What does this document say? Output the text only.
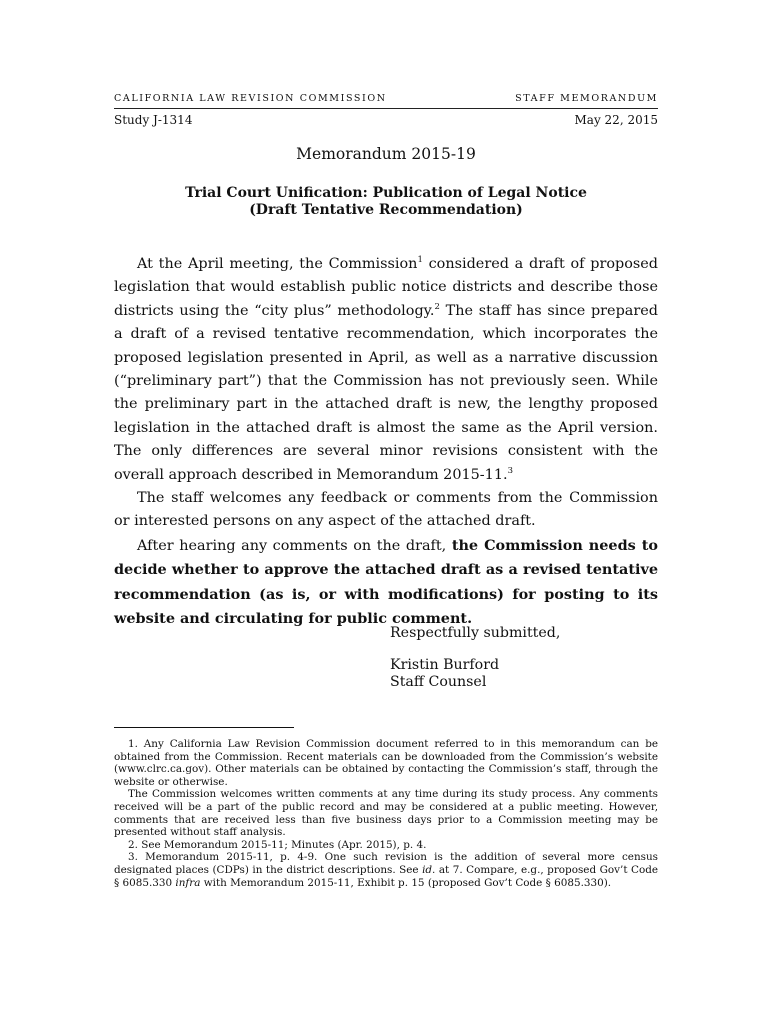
CALIFORNIA LAW REVISION COMMISSION	STAFF MEMORANDUM
Study J-1314	May 22, 2015
Memorandum 2015-19
Trial Court Unification: Publication of Legal Notice
(Draft Tentative Recommendation)

At the April meeting, the Commission$^1$ considered a draft of proposed legislation that would establish public notice districts and describe those districts using the “city plus” methodology.$^2$ The staff has since prepared a draft of a revised tentative recommendation, which incorporates the proposed legislation presented in April, as well as a narrative discussion (“preliminary part”) that the Commission has not previously seen. While the preliminary part in the attached draft is new, the lengthy proposed legislation in the attached draft is almost the same as the April version. The only differences are several minor revisions consistent with the overall approach described in Memorandum 2015-11.$^3$

The staff welcomes any feedback or comments from the Commission or interested persons on any aspect of the attached draft.

After hearing any comments on the draft, the Commission needs to decide whether to approve the attached draft as a revised tentative recommendation (as is, or with modifications) for posting to its website and circulating for public comment.

Respectfully submitted,
Kristin Burford
Staff Counsel

1. Any California Law Revision Commission document referred to in this memorandum can be obtained from the Commission. Recent materials can be downloaded from the Commission’s website (www.clrc.ca.gov). Other materials can be obtained by contacting the Commission’s staff, through the website or otherwise.

The Commission welcomes written comments at any time during its study process. Any comments received will be a part of the public record and may be considered at a public meeting. However, comments that are received less than five business days prior to a Commission meeting may be presented without staff analysis.

2. See Memorandum 2015-11; Minutes (Apr. 2015), p. 4.

3. Memorandum 2015-11, p. 4-9. One such revision is the addition of several more census designated places (CDPs) in the district descriptions. See id. at 7. Compare, e.g., proposed Gov’t Code § 6085.330 infra with Memorandum 2015-11, Exhibit p. 15 (proposed Gov’t Code § 6085.330).
